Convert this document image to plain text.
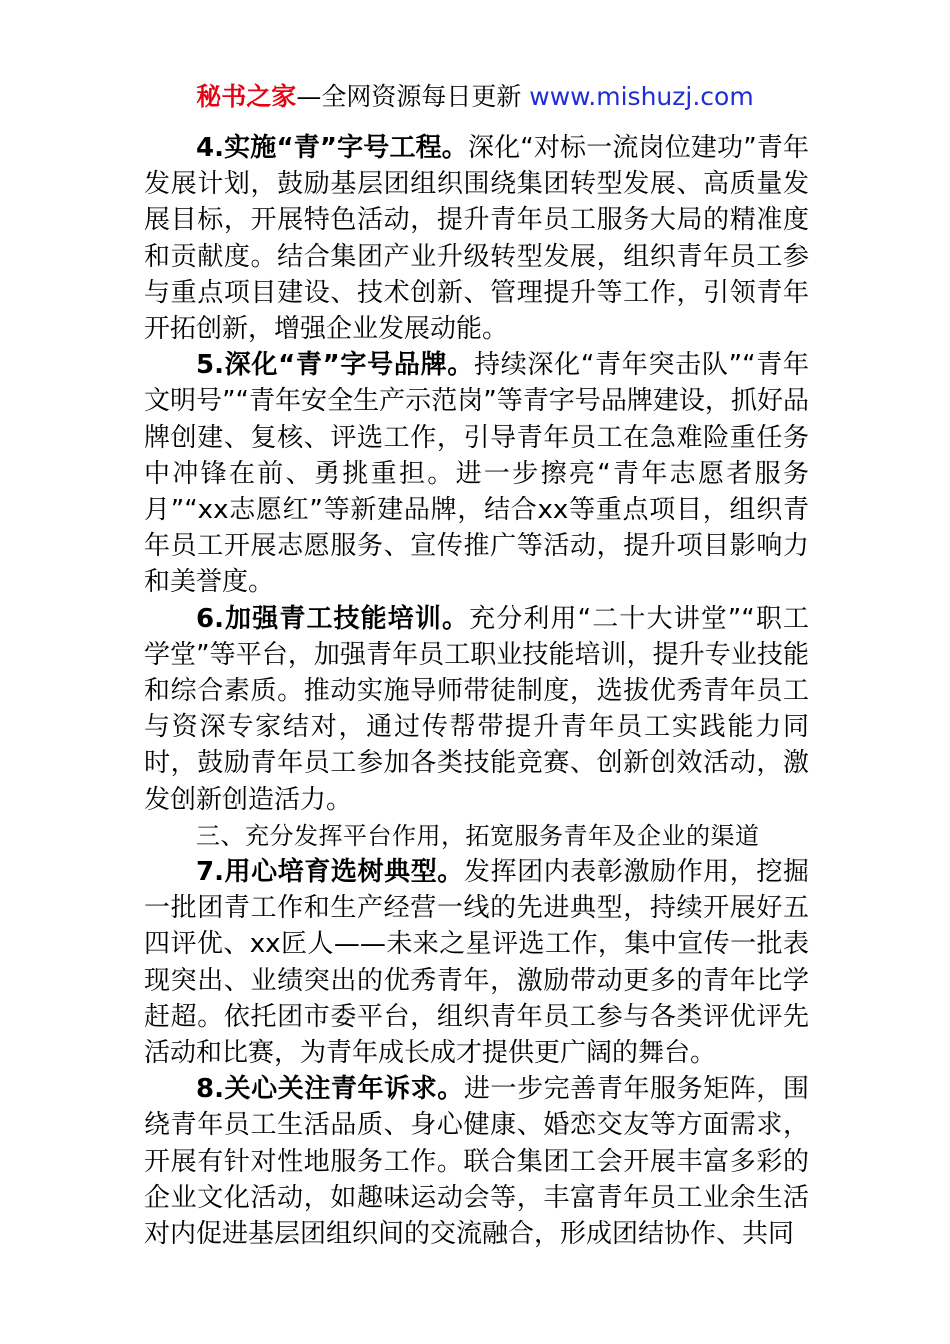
秘书之家—全网资源每日更新 www.mishuzj.com

4.实施“青”字号工程。深化“对标一流岗位建功”青年发展计划，鼓励基层团组织围绕集团转型发展、高质量发展目标，开展特色活动，提升青年员工服务大局的精准度和贡献度。结合集团产业升级转型发展，组织青年员工参与重点项目建设、技术创新、管理提升等工作，引领青年开拓创新，增强企业发展动能。

5.深化“青”字号品牌。持续深化“青年突击队”“青年文明号”“青年安全生产示范岗”等青字号品牌建设，抓好品牌创建、复核、评选工作，引导青年员工在急难险重任务中冲锋在前、勇挑重担。进一步擦亮“青年志愿者服务月”“xx志愿红”等新建品牌，结合xx等重点项目，组织青年员工开展志愿服务、宣传推广等活动，提升项目影响力和美誉度。

6.加强青工技能培训。充分利用“二十大讲堂”“职工学堂”等平台，加强青年员工职业技能培训，提升专业技能和综合素质。推动实施导师带徒制度，选拔优秀青年员工与资深专家结对，通过传帮带提升青年员工实践能力同时，鼓励青年员工参加各类技能竞赛、创新创效活动，激发创新创造活力。

三、充分发挥平台作用，拓宽服务青年及企业的渠道

7.用心培育选树典型。发挥团内表彰激励作用，挖掘一批团青工作和生产经营一线的先进典型，持续开展好五四评优、xx匠人——未来之星评选工作，集中宣传一批表现突出、业绩突出的优秀青年，激励带动更多的青年比学赶超。依托团市委平台，组织青年员工参与各类评优评先活动和比赛，为青年成长成才提供更广阔的舞台。

8.关心关注青年诉求。进一步完善青年服务矩阵，围绕青年员工生活品质、身心健康、婚恋交友等方面需求，开展有针对性地服务工作。联合集团工会开展丰富多彩的企业文化活动，如趣味运动会等，丰富青年员工业余生活对内促进基层团组织间的交流融合，形成团结协作、共同
